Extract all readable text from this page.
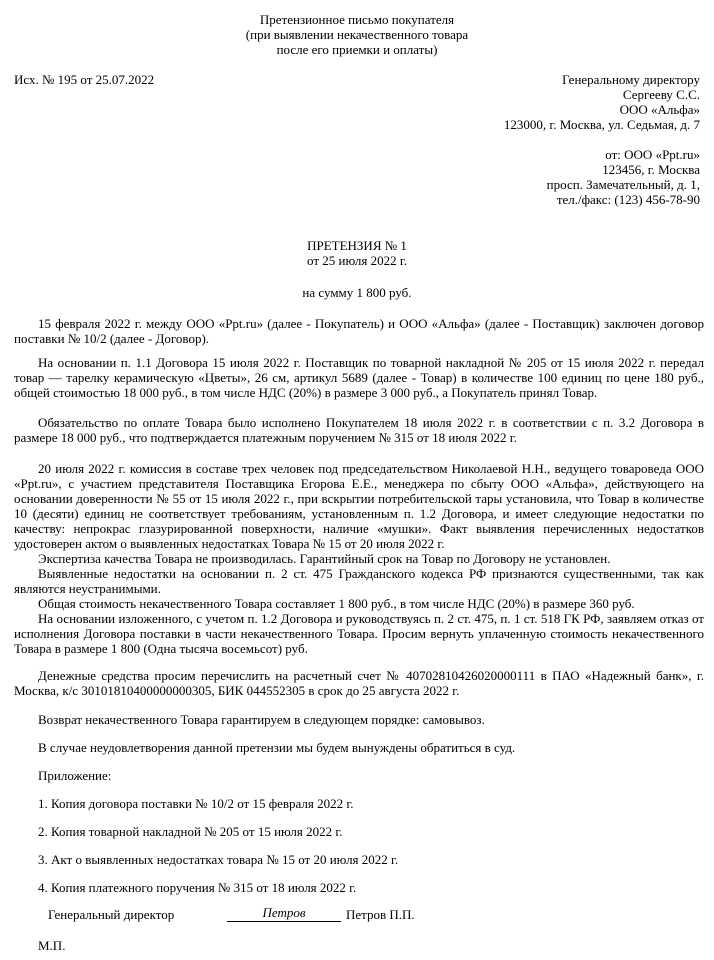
Претензионное письмо покупателя
(при выявлении некачественного товара
после его приемки и оплаты)
Исх. № 195 от 25.07.2022	Генеральному директору
Сергееву С.С.
ООО «Альфа»
123000, г. Москва, ул. Седьмая, д. 7
от: ООО «Ppt.ru»
123456, г. Москва
просп. Замечательный, д. 1,
тел./факс: (123) 456-78-90
ПРЕТЕНЗИЯ № 1
от 25 июля 2022 г.
на сумму 1 800 руб.
15 февраля 2022 г. между ООО «Ppt.ru» (далее - Покупатель) и ООО «Альфа» (далее - Поставщик) заключен договор поставки № 10/2 (далее - Договор).
На основании п. 1.1 Договора 15 июля 2022 г. Поставщик по товарной накладной № 205 от 15 июля 2022 г. передал товар — тарелку керамическую «Цветы», 26 см, артикул 5689 (далее - Товар) в количестве 100 единиц по цене 180 руб., общей стоимостью 18 000 руб., в том числе НДС (20%) в размере 3 000 руб., а Покупатель принял Товар.
Обязательство по оплате Товара было исполнено Покупателем 18 июля 2022 г. в соответствии с п. 3.2 Договора в размере 18 000 руб., что подтверждается платежным поручением № 315 от 18 июля 2022 г.
20 июля 2022 г. комиссия в составе трех человек под председательством Николаевой Н.Н., ведущего товароведа ООО «Ppt.ru», с участием представителя Поставщика Егорова Е.Е., менеджера по сбыту ООО «Альфа», действующего на основании доверенности № 55 от 15 июля 2022 г., при вскрытии потребительской тары установила, что Товар в количестве 10 (десяти) единиц не соответствует требованиям, установленным п. 1.2 Договора, и имеет следующие недостатки по качеству: непрокрас глазурированной поверхности, наличие «мушки». Факт выявления перечисленных недостатков удостоверен актом о выявленных недостатках Товара № 15 от 20 июля 2022 г.
Экспертиза качества Товара не производилась. Гарантийный срок на Товар по Договору не установлен.
Выявленные недостатки на основании п. 2 ст. 475 Гражданского кодекса РФ признаются существенными, так как являются неустранимыми.
Общая стоимость некачественного Товара составляет 1 800 руб., в том числе НДС (20%) в размере 360 руб.
На основании изложенного, с учетом п. 1.2 Договора и руководствуясь п. 2 ст. 475, п. 1 ст. 518 ГК РФ, заявляем отказ от исполнения Договора поставки в части некачественного Товара. Просим вернуть уплаченную стоимость некачественного Товара в размере 1 800 (Одна тысяча восемьсот) руб.
Денежные средства просим перечислить на расчетный счет № 40702810426020000111 в ПАО «Надежный банк», г. Москва, к/с 30101810400000000305, БИК 044552305 в срок до 25 августа 2022 г.
Возврат некачественного Товара гарантируем в следующем порядке: самовывоз.
В случае неудовлетворения данной претензии мы будем вынуждены обратиться в суд.
Приложение:
1. Копия договора поставки № 10/2 от 15 февраля 2022 г.
2. Копия товарной накладной № 205 от 15 июля 2022 г.
3. Акт о выявленных недостатках товара № 15 от 20 июля 2022 г.
4. Копия платежного поручения № 315 от 18 июля 2022 г.
Генеральный директор	Петров	Петров П.П.
М.П.
